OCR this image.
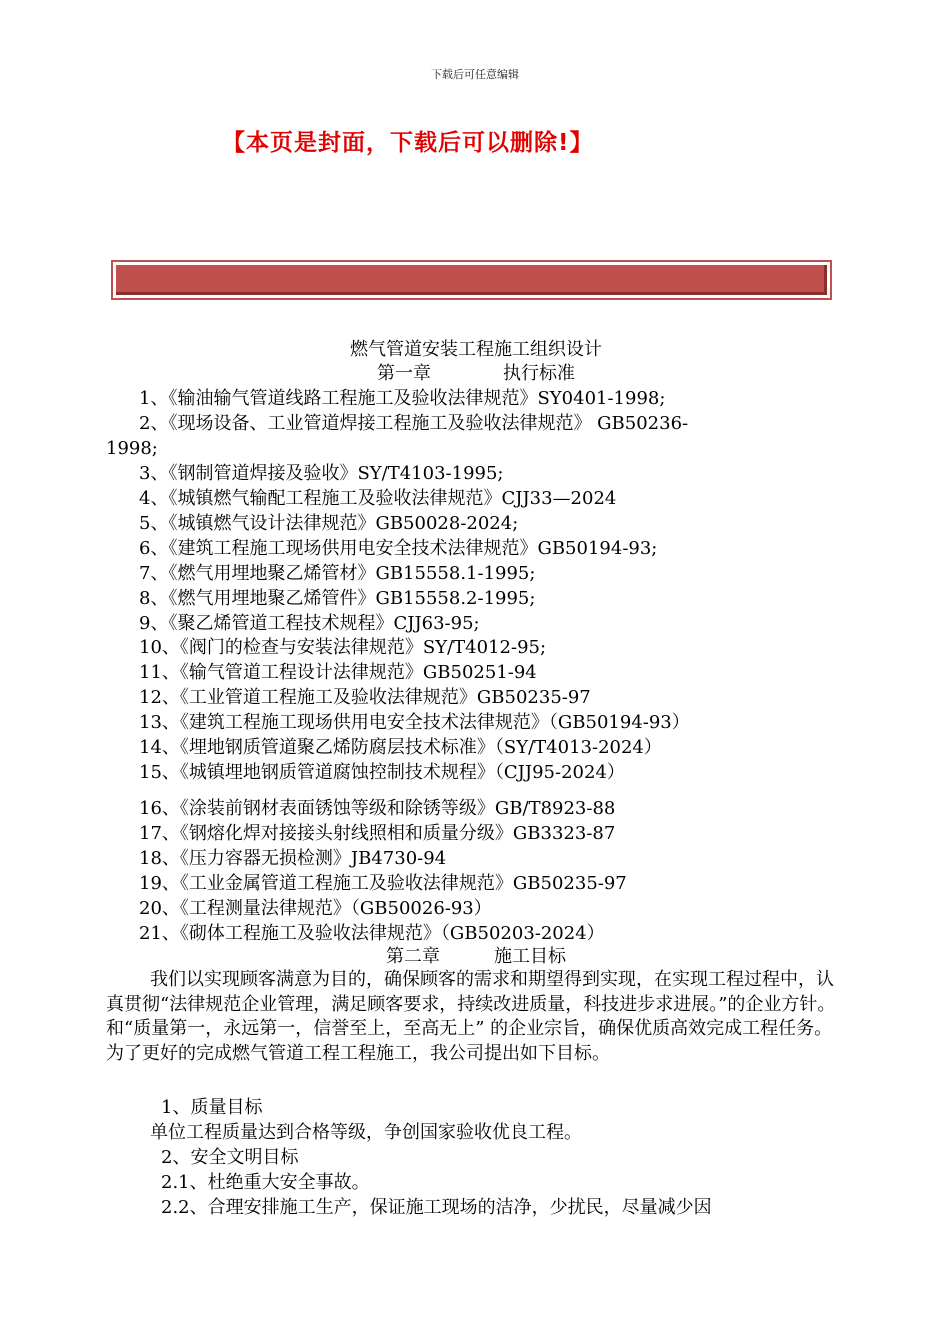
下载后可任意编辑
【本页是封面，下载后可以删除!】
燃气管道安装工程施工组织设计
第一章	执行标准
1、《输油输气管道线路工程施工及验收法律规范》SY0401-1998;
2、《现场设备、工业管道焊接工程施工及验收法律规范》 GB50236-
1998;
3、《钢制管道焊接及验收》SY/T4103-1995;
4、《城镇燃气输配工程施工及验收法律规范》CJJ33—2024
5、《城镇燃气设计法律规范》GB50028-2024;
6、《建筑工程施工现场供用电安全技术法律规范》GB50194-93;
7、《燃气用埋地聚乙烯管材》GB15558.1-1995;
8、《燃气用埋地聚乙烯管件》GB15558.2-1995;
9、《聚乙烯管道工程技术规程》CJJ63-95;
10、《阀门的检查与安装法律规范》SY/T4012-95;
11、《输气管道工程设计法律规范》GB50251-94
12、《工业管道工程施工及验收法律规范》GB50235-97
13、《建筑工程施工现场供用电安全技术法律规范》（GB50194-93）
14、《埋地钢质管道聚乙烯防腐层技术标准》（SY/T4013-2024）
15、《城镇埋地钢质管道腐蚀控制技术规程》（CJJ95-2024）
16、《涂装前钢材表面锈蚀等级和除锈等级》GB/T8923-88
17、《钢熔化焊对接接头射线照相和质量分级》GB3323-87
18、《压力容器无损检测》JB4730-94
19、《工业金属管道工程施工及验收法律规范》GB50235-97
20、《工程测量法律规范》（GB50026-93）
21、《砌体工程施工及验收法律规范》（GB50203-2024）
第二章	施工目标
我们以实现顾客满意为目的，确保顾客的需求和期望得到实现，在实现工程过程中，认真贯彻“法律规范企业管理，满足顾客要求，持续改进质量，科技进步求进展。”的企业方针。和“质量第一，永远第一，信誉至上，至高无上” 的企业宗旨，确保优质高效完成工程任务。为了更好的完成燃气管道工程工程施工，我公司提出如下目标。
1、质量目标
单位工程质量达到合格等级，争创国家验收优良工程。
2、安全文明目标
2.1、杜绝重大安全事故。
2.2、合理安排施工生产，保证施工现场的洁净，少扰民，尽量减少因
